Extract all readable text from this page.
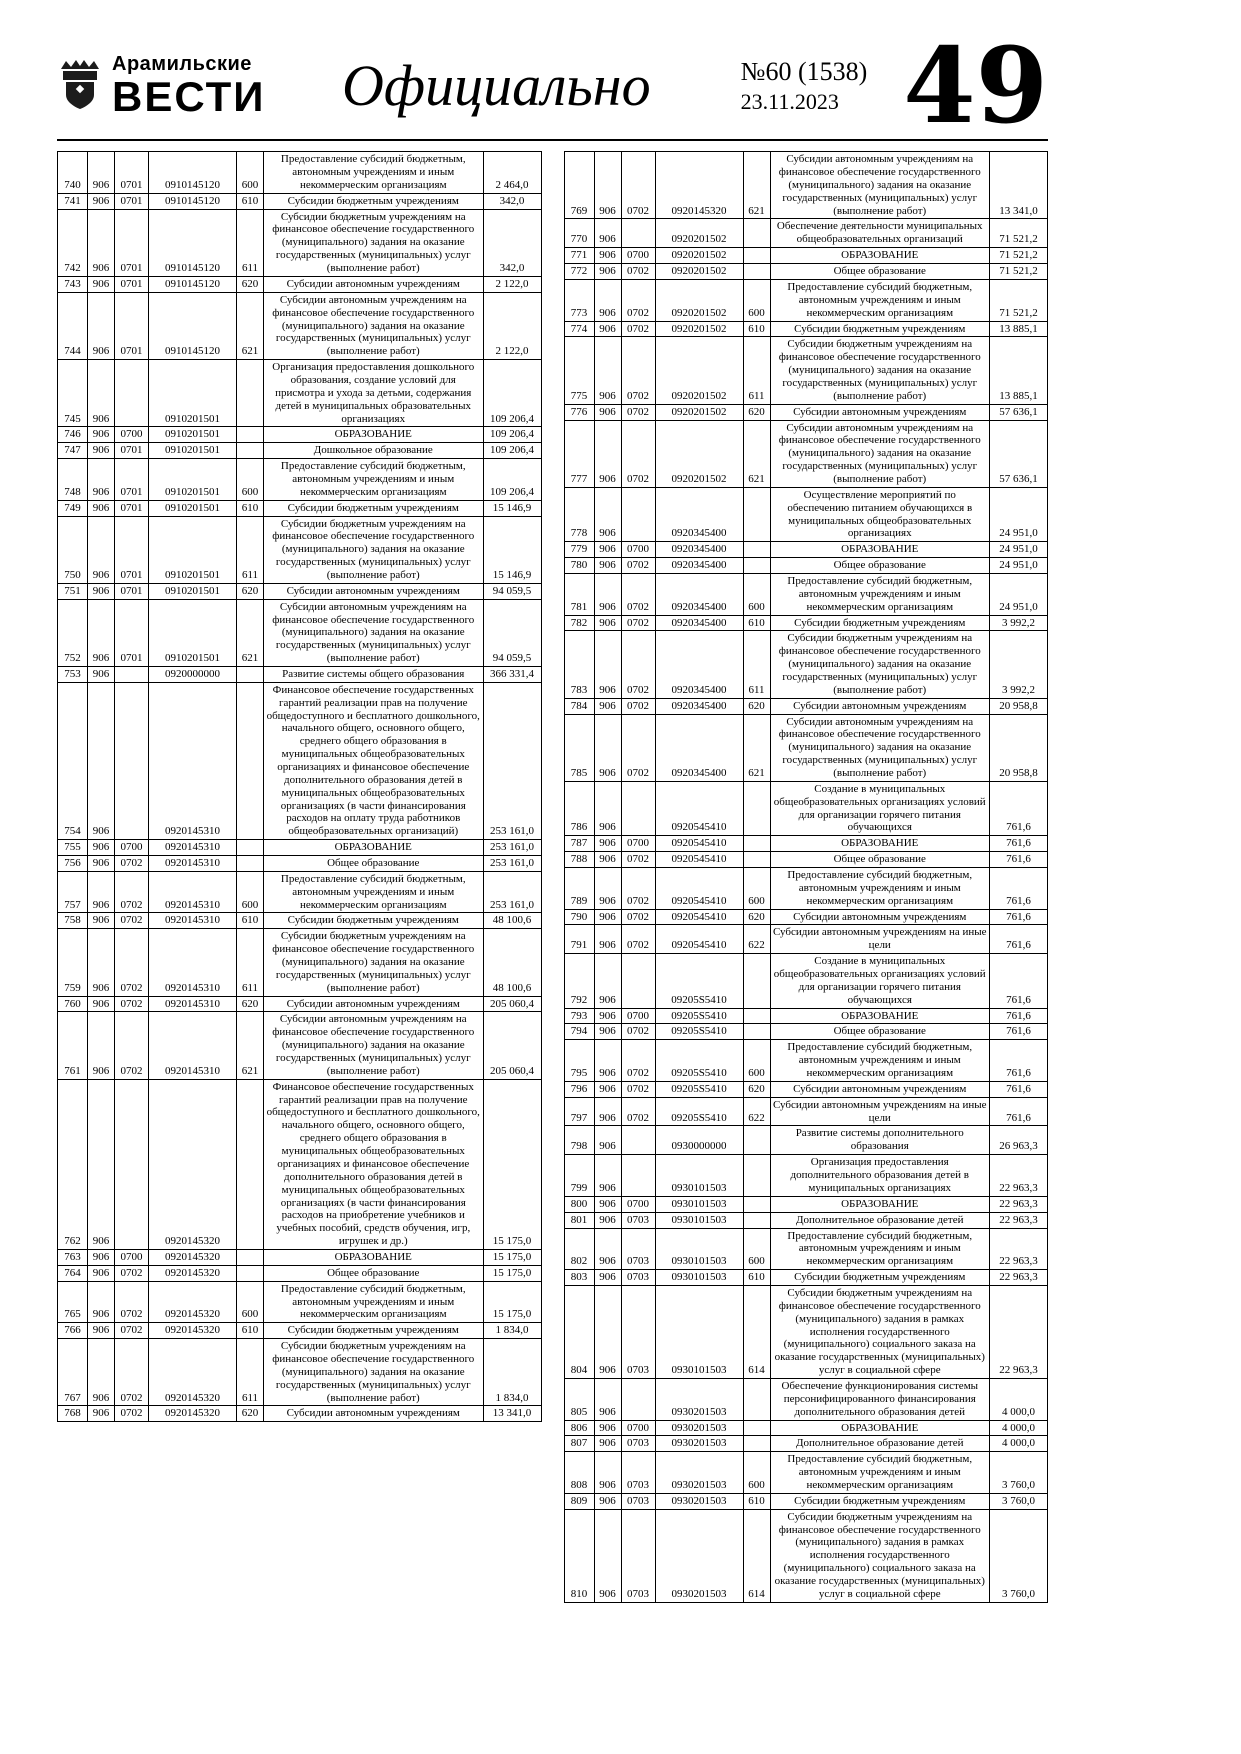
Арамильские
ВЕСТИ	Официально	№60 (1538)
23.11.2023 49
740	906	0701	0910145120	600	Предоставление субсидий бюджетным, автономным учреждениям и иным некоммерческим организациям	2 464,0
741	906	0701	0910145120	610	Субсидии бюджетным учреждениям	342,0
742	906	0701	0910145120	611	Субсидии бюджетным учреждениям на финансовое обеспечение государственного (муниципального) задания на оказание государственных (муниципальных) услуг (выполнение работ)	342,0
743	906	0701	0910145120	620	Субсидии автономным учреждениям	2 122,0
744	906	0701	0910145120	621	Субсидии автономным учреждениям на финансовое обеспечение государственного (муниципального) задания на оказание государственных (муниципальных) услуг (выполнение работ)	2 122,0
745	906		0910201501		Организация предоставления дошкольного образования, создание условий для присмотра и ухода за детьми, содержания детей в муниципальных образовательных организациях	109 206,4
746	906	0700	0910201501		ОБРАЗОВАНИЕ	109 206,4
747	906	0701	0910201501		Дошкольное образование	109 206,4
748	906	0701	0910201501	600	Предоставление субсидий бюджетным, автономным учреждениям и иным некоммерческим организациям	109 206,4
749	906	0701	0910201501	610	Субсидии бюджетным учреждениям	15 146,9
750	906	0701	0910201501	611	Субсидии бюджетным учреждениям на финансовое обеспечение государственного (муниципального) задания на оказание государственных (муниципальных) услуг (выполнение работ)	15 146,9
751	906	0701	0910201501	620	Субсидии автономным учреждениям	94 059,5
752	906	0701	0910201501	621	Субсидии автономным учреждениям на финансовое обеспечение государственного (муниципального) задания на оказание государственных (муниципальных) услуг (выполнение работ)	94 059,5
753	906		0920000000		Развитие системы общего образования	366 331,4
754	906		0920145310		Финансовое обеспечение государственных гарантий реализации прав на получение общедоступного и бесплатного дошкольного, начального общего, основного общего, среднего общего образования в муниципальных общеобразовательных организациях и финансовое обеспечение дополнительного образования детей в муниципальных общеобразовательных организациях (в части финансирования расходов на оплату труда работников общеобразовательных организаций)	253 161,0
755	906	0700	0920145310		ОБРАЗОВАНИЕ	253 161,0
756	906	0702	0920145310		Общее образование	253 161,0
757	906	0702	0920145310	600	Предоставление субсидий бюджетным, автономным учреждениям и иным некоммерческим организациям	253 161,0
758	906	0702	0920145310	610	Субсидии бюджетным учреждениям	48 100,6
759	906	0702	0920145310	611	Субсидии бюджетным учреждениям на финансовое обеспечение государственного (муниципального) задания на оказание государственных (муниципальных) услуг (выполнение работ)	48 100,6
760	906	0702	0920145310	620	Субсидии автономным учреждениям	205 060,4
761	906	0702	0920145310	621	Субсидии автономным учреждениям на финансовое обеспечение государственного (муниципального) задания на оказание государственных (муниципальных) услуг (выполнение работ)	205 060,4
762	906		0920145320		Финансовое обеспечение государственных гарантий реализации прав на получение общедоступного и бесплатного дошкольного, начального общего, основного общего, среднего общего образования в муниципальных общеобразовательных организациях и финансовое обеспечение дополнительного образования детей в муниципальных общеобразовательных организациях (в части финансирования расходов на приобретение учебников и учебных пособий, средств обучения, игр, игрушек и др.)	15 175,0
763	906	0700	0920145320		ОБРАЗОВАНИЕ	15 175,0
764	906	0702	0920145320		Общее образование	15 175,0
765	906	0702	0920145320	600	Предоставление субсидий бюджетным, автономным учреждениям и иным некоммерческим организациям	15 175,0
766	906	0702	0920145320	610	Субсидии бюджетным учреждениям	1 834,0
767	906	0702	0920145320	611	Субсидии бюджетным учреждениям на финансовое обеспечение государственного (муниципального) задания на оказание государственных (муниципальных) услуг (выполнение работ)	1 834,0
768	906	0702	0920145320	620	Субсидии автономным учреждениям	13 341,0
769	906	0702	0920145320	621	Субсидии автономным учреждениям на финансовое обеспечение государственного (муниципального) задания на оказание государственных (муниципальных) услуг (выполнение работ)	13 341,0
770	906		0920201502		Обеспечение деятельности муниципальных общеобразовательных организаций	71 521,2
771	906	0700	0920201502		ОБРАЗОВАНИЕ	71 521,2
772	906	0702	0920201502		Общее образование	71 521,2
773	906	0702	0920201502	600	Предоставление субсидий бюджетным, автономным учреждениям и иным некоммерческим организациям	71 521,2
774	906	0702	0920201502	610	Субсидии бюджетным учреждениям	13 885,1
775	906	0702	0920201502	611	Субсидии бюджетным учреждениям на финансовое обеспечение государственного (муниципального) задания на оказание государственных (муниципальных) услуг (выполнение работ)	13 885,1
776	906	0702	0920201502	620	Субсидии автономным учреждениям	57 636,1
777	906	0702	0920201502	621	Субсидии автономным учреждениям на финансовое обеспечение государственного (муниципального) задания на оказание государственных (муниципальных) услуг (выполнение работ)	57 636,1
778	906		0920345400		Осуществление мероприятий по обеспечению питанием обучающихся в муниципальных общеобразовательных организациях	24 951,0
779	906	0700	0920345400		ОБРАЗОВАНИЕ	24 951,0
780	906	0702	0920345400		Общее образование	24 951,0
781	906	0702	0920345400	600	Предоставление субсидий бюджетным, автономным учреждениям и иным некоммерческим организациям	24 951,0
782	906	0702	0920345400	610	Субсидии бюджетным учреждениям	3 992,2
783	906	0702	0920345400	611	Субсидии бюджетным учреждениям на финансовое обеспечение государственного (муниципального) задания на оказание государственных (муниципальных) услуг (выполнение работ)	3 992,2
784	906	0702	0920345400	620	Субсидии автономным учреждениям	20 958,8
785	906	0702	0920345400	621	Субсидии автономным учреждениям на финансовое обеспечение государственного (муниципального) задания на оказание государственных (муниципальных) услуг (выполнение работ)	20 958,8
786	906		0920545410		Создание в муниципальных общеобразовательных организациях условий для организации горячего питания обучающихся	761,6
787	906	0700	0920545410		ОБРАЗОВАНИЕ	761,6
788	906	0702	0920545410		Общее образование	761,6
789	906	0702	0920545410	600	Предоставление субсидий бюджетным, автономным учреждениям и иным некоммерческим организациям	761,6
790	906	0702	0920545410	620	Субсидии автономным учреждениям	761,6
791	906	0702	0920545410	622	Субсидии автономным учреждениям на иные цели	761,6
792	906		09205S5410		Создание в муниципальных общеобразовательных организациях условий для организации горячего питания обучающихся	761,6
793	906	0700	09205S5410		ОБРАЗОВАНИЕ	761,6
794	906	0702	09205S5410		Общее образование	761,6
795	906	0702	09205S5410	600	Предоставление субсидий бюджетным, автономным учреждениям и иным некоммерческим организациям	761,6
796	906	0702	09205S5410	620	Субсидии автономным учреждениям	761,6
797	906	0702	09205S5410	622	Субсидии автономным учреждениям на иные цели	761,6
798	906		0930000000		Развитие системы дополнительного образования	26 963,3
799	906		0930101503		Организация предоставления дополнительного образования детей в муниципальных организациях	22 963,3
800	906	0700	0930101503		ОБРАЗОВАНИЕ	22 963,3
801	906	0703	0930101503		Дополнительное образование детей	22 963,3
802	906	0703	0930101503	600	Предоставление субсидий бюджетным, автономным учреждениям и иным некоммерческим организациям	22 963,3
803	906	0703	0930101503	610	Субсидии бюджетным учреждениям	22 963,3
804	906	0703	0930101503	614	Субсидии бюджетным учреждениям на финансовое обеспечение государственного (муниципального) задания в рамках исполнения государственного (муниципального) социального заказа на оказание государственных (муниципальных) услуг в социальной сфере	22 963,3
805	906		0930201503		Обеспечение функционирования системы персонифицированного финансирования дополнительного образования детей	4 000,0
806	906	0700	0930201503		ОБРАЗОВАНИЕ	4 000,0
807	906	0703	0930201503		Дополнительное образование детей	4 000,0
808	906	0703	0930201503	600	Предоставление субсидий бюджетным, автономным учреждениям и иным некоммерческим организациям	3 760,0
809	906	0703	0930201503	610	Субсидии бюджетным учреждениям	3 760,0
810	906	0703	0930201503	614	Субсидии бюджетным учреждениям на финансовое обеспечение государственного (муниципального) задания в рамках исполнения государственного (муниципального) социального заказа на оказание государственных (муниципальных) услуг в социальной сфере	3 760,0
